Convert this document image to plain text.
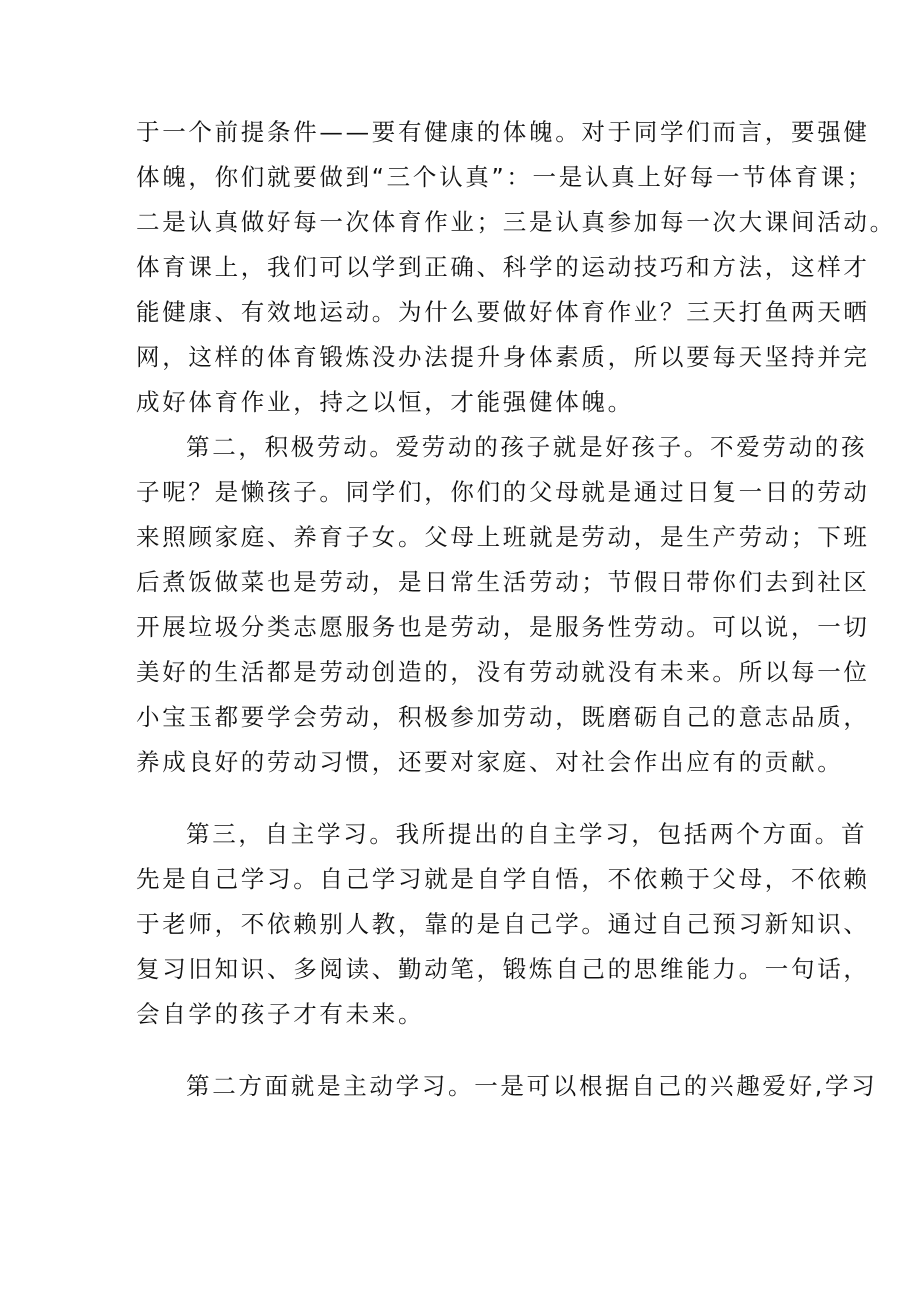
于一个前提条件——要有健康的体魄。对于同学们而言，要强健
体魄，你们就要做到“三个认真”：一是认真上好每一节体育课；
二是认真做好每一次体育作业；三是认真参加每一次大课间活动。
体育课上，我们可以学到正确、科学的运动技巧和方法，这样才
能健康、有效地运动。为什么要做好体育作业？三天打鱼两天晒
网，这样的体育锻炼没办法提升身体素质，所以要每天坚持并完
成好体育作业，持之以恒，才能强健体魄。
第二，积极劳动。爱劳动的孩子就是好孩子。不爱劳动的孩
子呢？是懒孩子。同学们，你们的父母就是通过日复一日的劳动
来照顾家庭、养育子女。父母上班就是劳动，是生产劳动；下班
后煮饭做菜也是劳动，是日常生活劳动；节假日带你们去到社区
开展垃圾分类志愿服务也是劳动，是服务性劳动。可以说，一切
美好的生活都是劳动创造的，没有劳动就没有未来。所以每一位
小宝玉都要学会劳动，积极参加劳动，既磨砺自己的意志品质，
养成良好的劳动习惯，还要对家庭、对社会作出应有的贡献。
第三，自主学习。我所提出的自主学习，包括两个方面。首
先是自己学习。自己学习就是自学自悟，不依赖于父母，不依赖
于老师，不依赖别人教，靠的是自己学。通过自己预习新知识、
复习旧知识、多阅读、勤动笔，锻炼自己的思维能力。一句话，
会自学的孩子才有未来。
第二方面就是主动学习。一是可以根据自己的兴趣爱好,学习
